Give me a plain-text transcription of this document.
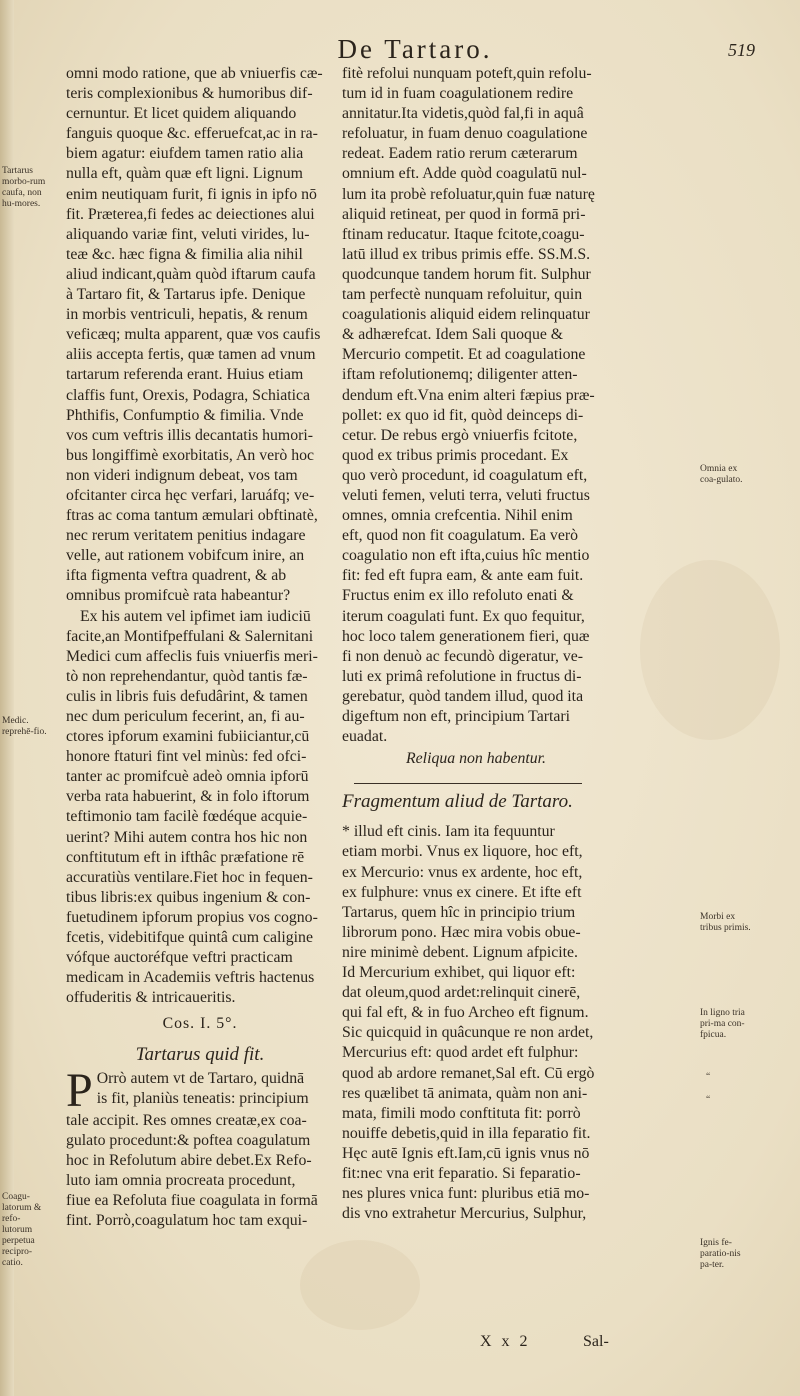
De Tartaro.	519
Tartarus morbo-rum caufa, non hu-mores.
Medic. reprehē-fio.
Coagu-latorum & refo-lutorum perpetua recipro-catio.
Omnia ex coa-gulato.
Morbi ex tribus primis.
In ligno tria pri-ma con-fpicua.
“
“
Ignis fe-paratio-nis pa-ter.
omni modo ratione, que ab vniuerfis cæ-
teris complexionibus & humoribus dif-
cernuntur. Et licet quidem aliquando
fanguis quoque &c. efferuefcat,ac in ra-
biem agatur: eiufdem tamen ratio alia
nulla eft, quàm quæ eft ligni. Lignum
enim neutiquam furit, fi ignis in ipfo nō
fit. Præterea,fi fedes ac deiectiones alui
aliquando variæ fint, veluti virides, lu-
teæ &c. hæc figna & fimilia alia nihil
aliud indicant,quàm quòd iftarum caufa
à Tartaro fit, & Tartarus ipfe. Denique
in morbis ventriculi, hepatis, & renum
veficæq; multa apparent, quæ vos caufis
aliis accepta fertis, quæ tamen ad vnum
tartarum referenda erant. Huius etiam
claffis funt, Orexis, Podagra, Schiatica
Phthifis, Confumptio & fimilia. Vnde
vos cum veftris illis decantatis humori-
bus longiffimè exorbitatis, An verò hoc
non videri indignum debeat, vos tam
ofcitanter circa hęc verfari, laruáfq; ve-
ftras ac coma tantum æmulari obftinatè,
nec rerum veritatem penitius indagare
velle, aut rationem vobifcum inire, an
ifta figmenta veftra quadrent, & ab
omnibus promifcuè rata habeantur?
Ex his autem vel ipfimet iam iudiciū
facite,an Montifpeffulani & Salernitani
Medici cum affeclis fuis vniuerfis meri-
tò non reprehendantur, quòd tantis fæ-
culis in libris fuis defudârint, & tamen
nec dum periculum fecerint, an, fi au-
ctores ipforum examini fubiiciantur,cū
honore ftaturi fint vel minùs: fed ofci-
tanter ac promifcuè adeò omnia ipforū
verba rata habuerint, & in folo iftorum
teftimonio tam facilè fœdéque acquie-
uerint? Mihi autem contra hos hic non
conftitutum eft in ifthâc præfatione rē
accuratiùs ventilare.Fiet hoc in fequen-
tibus libris:ex quibus ingenium & con-
fuetudinem ipforum propius vos cogno-
fcetis, videbitifque quintâ cum caligine
vófque auctoréfque veftri practicam
medicam in Academiis veftris hactenus
offuderitis & intricaueritis.
Cos. I. 5°.
Tartarus quid fit.
P Orrò autem vt de Tartaro, quidnā
is fit, planiùs teneatis: principium
tale accipit. Res omnes creatæ,ex coa-
gulato procedunt:& poftea coagulatum
hoc in Refolutum abire debet.Ex Refo-
luto iam omnia procreata procedunt,
fiue ea Refoluta fiue coagulata in formā
fint. Porrò,coagulatum hoc tam exqui-
fitè refolui nunquam poteft,quin refolu-
tum id in fuam coagulationem redire
annitatur.Ita videtis,quòd fal,fi in aquâ
refoluatur, in fuam denuo coagulatione
redeat. Eadem ratio rerum cæterarum
omnium eft. Adde quòd coagulatū nul-
lum ita probè refoluatur,quin fuæ naturę
aliquid retineat, per quod in formā pri-
ftinam reducatur. Itaque fcitote,coagu-
latū illud ex tribus primis effe. SS.M.S.
quodcunque tandem horum fit. Sulphur
tam perfectè nunquam refoluitur, quin
coagulationis aliquid eidem relinquatur
& adhærefcat. Idem Sali quoque &
Mercurio competit. Et ad coagulatione
iftam refolutionemq; diligenter atten-
dendum eft.Vna enim alteri fæpius præ-
pollet: ex quo id fit, quòd deinceps di-
cetur. De rebus ergò vniuerfis fcitote,
quod ex tribus primis procedant. Ex
quo verò procedunt, id coagulatum eft,
veluti femen, veluti terra, veluti fructus
omnes, omnia crefcentia. Nihil enim
eft, quod non fit coagulatum. Ea verò
coagulatio non eft ifta,cuius hîc mentio
fit: fed eft fupra eam, & ante eam fuit.
Fructus enim ex illo refoluto enati &
iterum coagulati funt. Ex quo fequitur,
hoc loco talem generationem fieri, quæ
fi non denuò ac fecundò digeratur, ve-
luti ex primâ refolutione in fructus di-
gerebatur, quòd tandem illud, quod ita
digeftum non eft, principium Tartari
euadat.
Reliqua non habentur.
Fragmentum aliud de Tartaro.
* illud eft cinis. Iam ita fequuntur
etiam morbi. Vnus ex liquore, hoc eft,
ex Mercurio: vnus ex ardente, hoc eft,
ex fulphure: vnus ex cinere. Et ifte eft
Tartarus, quem hîc in principio trium
librorum pono. Hæc mira vobis obue-
nire minimè debent. Lignum afpicite.
Id Mercurium exhibet, qui liquor eft:
dat oleum,quod ardet:relinquit cinerē,
qui fal eft, & in fuo Archeo eft fignum.
Sic quicquid in quâcunque re non ardet,
Mercurius eft: quod ardet eft fulphur:
quod ab ardore remanet,Sal eft. Cū ergò
res quælibet tā animata, quàm non ani-
mata, fimili modo conftituta fit: porrò
nouiffe debetis,quid in illa feparatio fit.
Hęc autē Ignis eft.Iam,cū ignis vnus nō
fit:nec vna erit feparatio. Si feparatio-
nes plures vnica funt: pluribus etiā mo-
dis vno extrahetur Mercurius, Sulphur,
X x 2	Sal-
